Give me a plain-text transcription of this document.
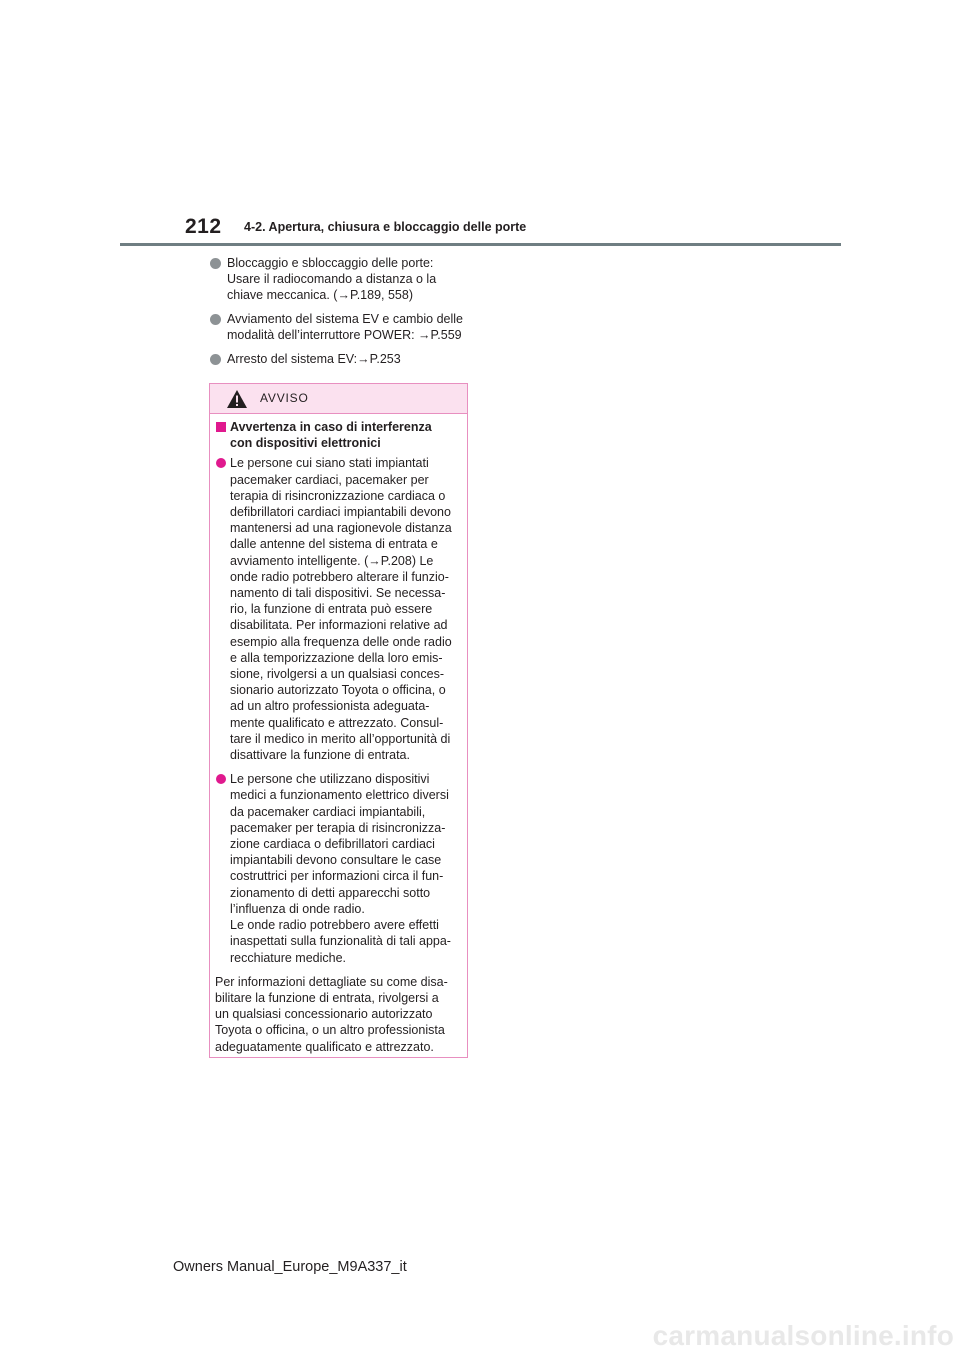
212 4-2. Apertura, chiusura e bloccaggio delle porte
Bloccaggio e sbloccaggio delle porte:
Usare il radiocomando a distanza o la
chiave meccanica. (→P.189, 558)
Avviamento del sistema EV e cambio delle
modalità dell’interruttore POWER: →P.559
Arresto del sistema EV:→P.253
AVVISO
Avvertenza in caso di interferenza
con dispositivi elettronici
Le persone cui siano stati impiantati
pacemaker cardiaci, pacemaker per
terapia di risincronizzazione cardiaca o
defibrillatori cardiaci impiantabili devono
mantenersi ad una ragionevole distanza
dalle antenne del sistema di entrata e
avviamento intelligente. (→P.208) Le
onde radio potrebbero alterare il funzio-
namento di tali dispositivi. Se necessa-
rio, la funzione di entrata può essere
disabilitata. Per informazioni relative ad
esempio alla frequenza delle onde radio
e alla temporizzazione della loro emis-
sione, rivolgersi a un qualsiasi conces-
sionario autorizzato Toyota o officina, o
ad un altro professionista adeguata-
mente qualificato e attrezzato. Consul-
tare il medico in merito all’opportunità di
disattivare la funzione di entrata.
Le persone che utilizzano dispositivi
medici a funzionamento elettrico diversi
da pacemaker cardiaci impiantabili,
pacemaker per terapia di risincronizza-
zione cardiaca o defibrillatori cardiaci
impiantabili devono consultare le case
costruttrici per informazioni circa il fun-
zionamento di detti apparecchi sotto
l’influenza di onde radio.
Le onde radio potrebbero avere effetti
inaspettati sulla funzionalità di tali appa-
recchiature mediche.
Per informazioni dettagliate su come disa-
bilitare la funzione di entrata, rivolgersi a
un qualsiasi concessionario autorizzato
Toyota o officina, o un altro professionista
adeguatamente qualificato e attrezzato.
Owners Manual_Europe_M9A337_it
carmanualsonline.info
